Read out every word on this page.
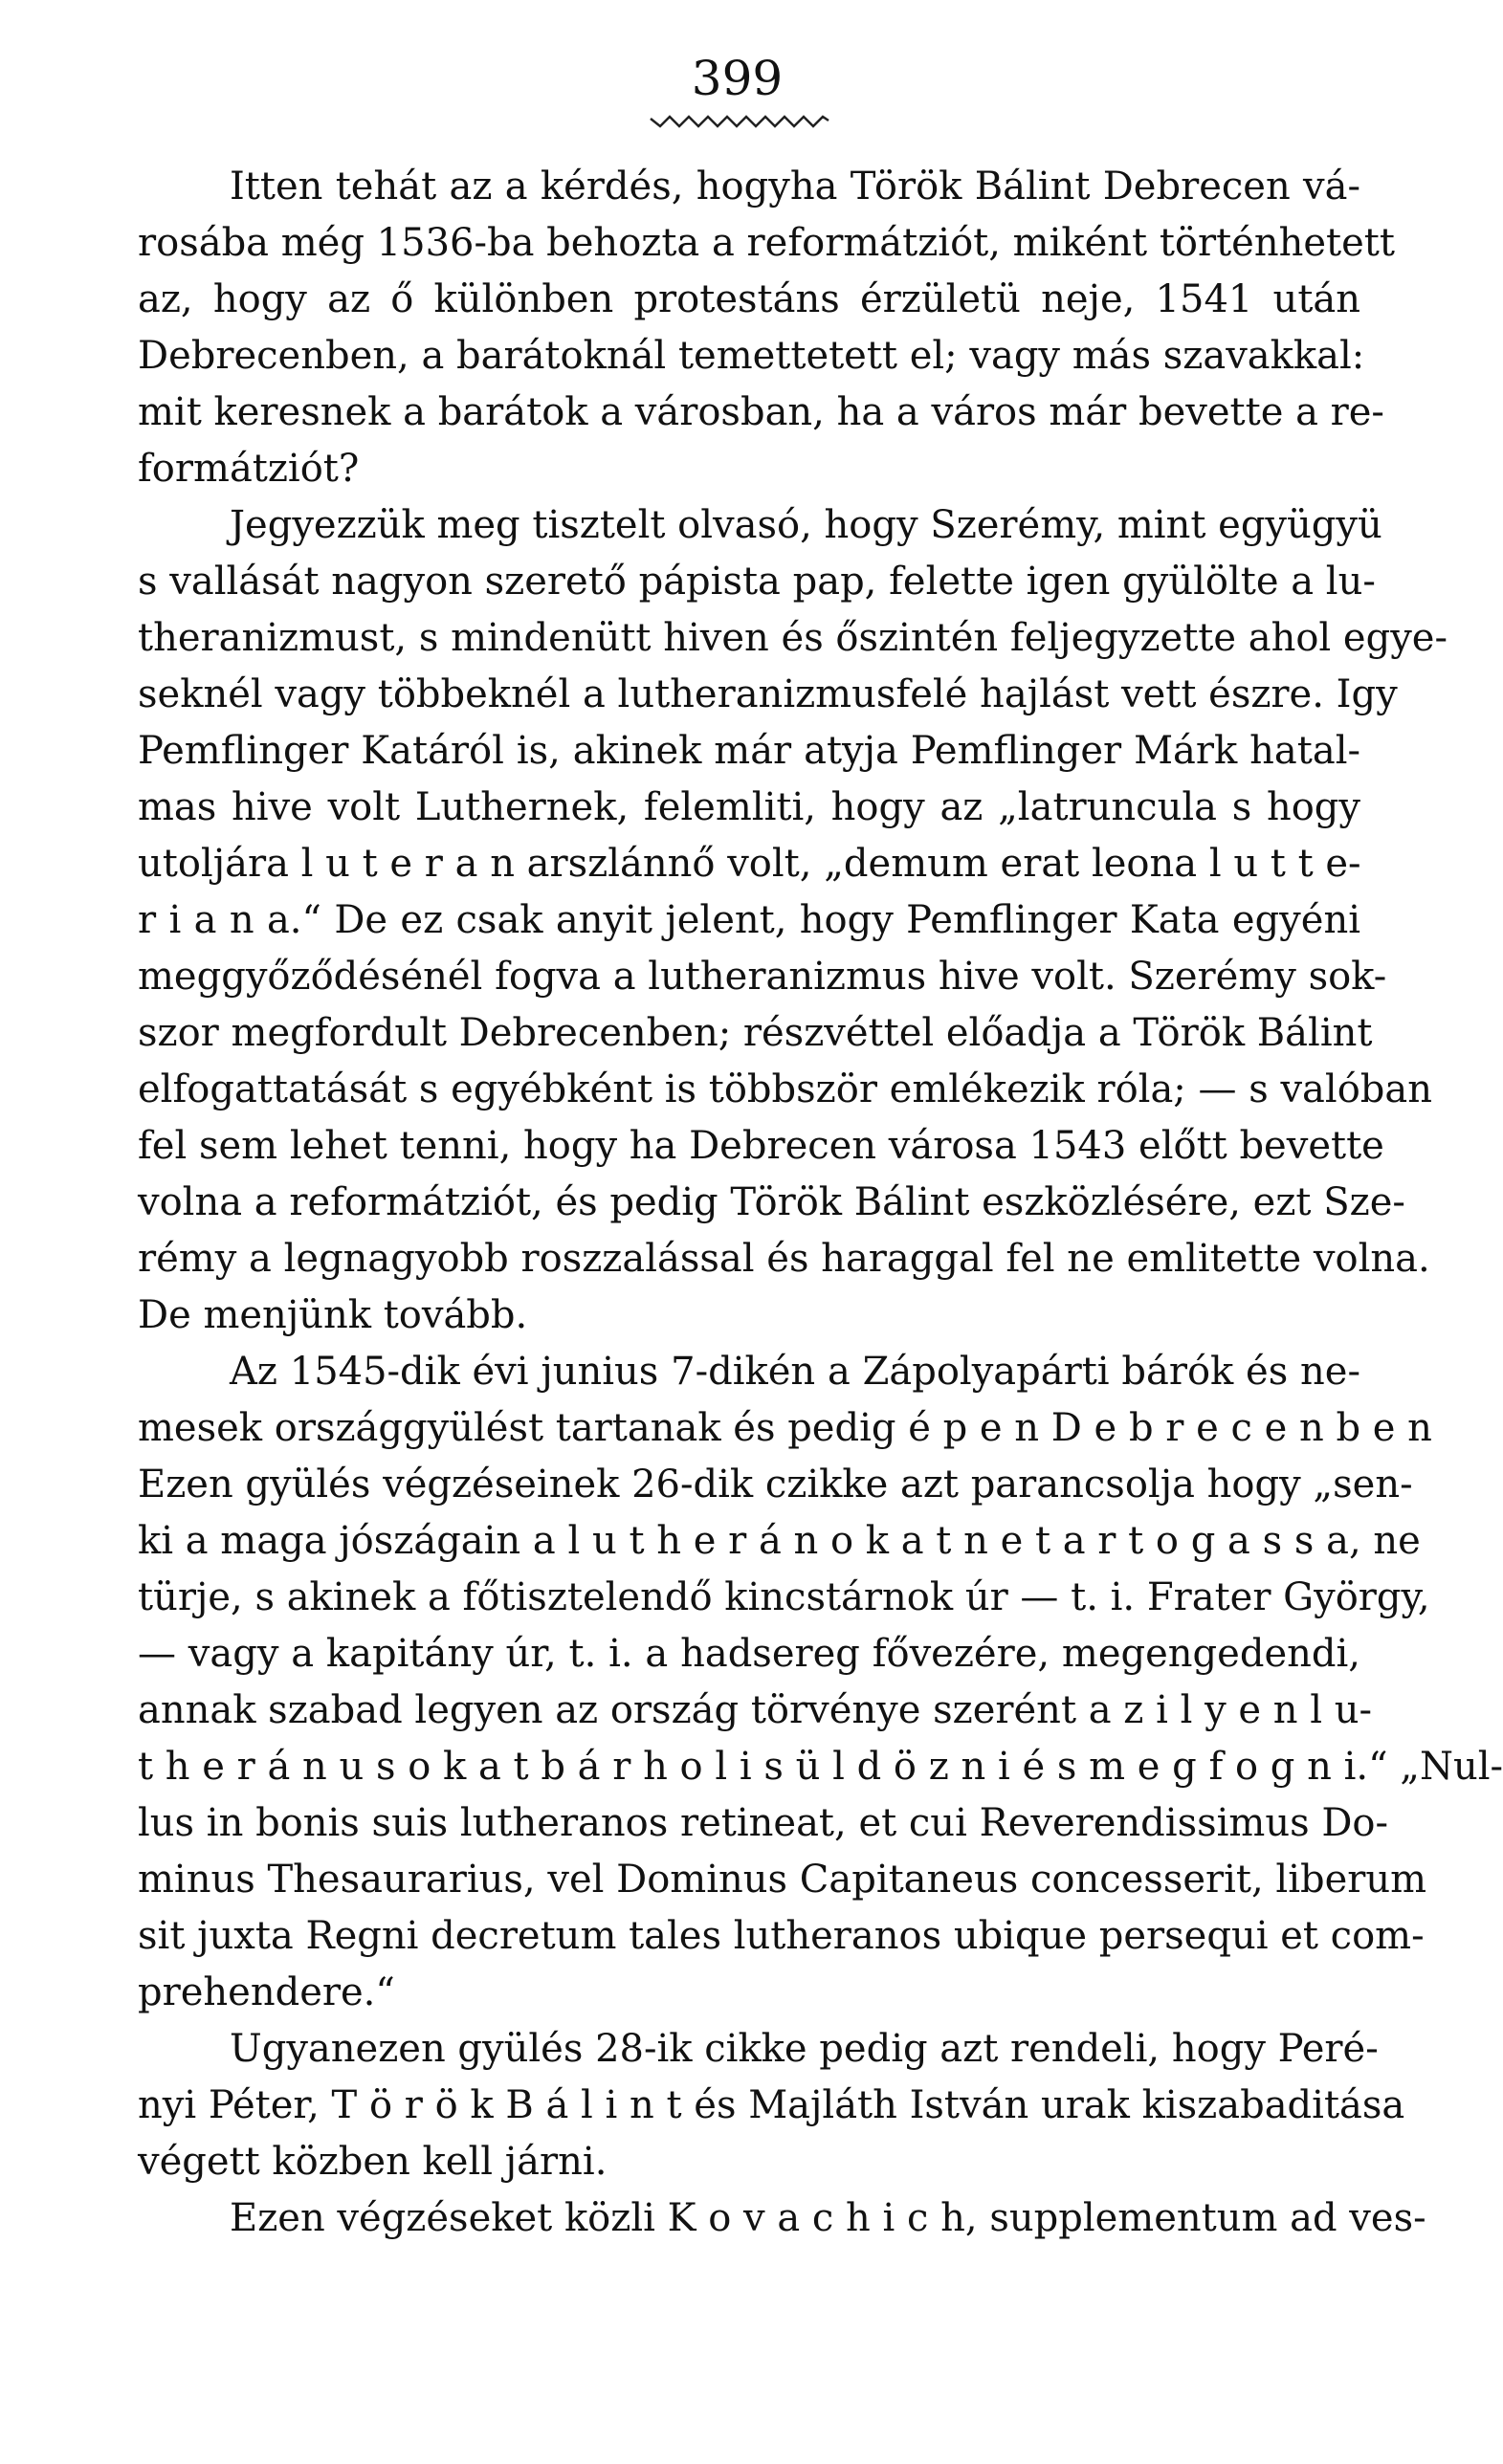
399
Itten tehát az a kérdés, hogyha Török Bálint Debrecen vá-
rosába még 1536-ba behozta a reformátziót, miként történhetett
az, hogy az ő különben protestáns érzületü neje, 1541 után
Debrecenben, a barátoknál temettetett el; vagy más szavakkal:
mit keresnek a barátok a városban, ha a város már bevette a re-
formátziót?
Jegyezzük meg tisztelt olvasó, hogy Szerémy, mint együgyü
s vallását nagyon szerető pápista pap, felette igen gyülölte a lu-
theranizmust, s mindenütt hiven és őszintén feljegyzette ahol egye-
seknél vagy többeknél a lutheranizmusfelé hajlást vett észre. Igy
Pemflinger Katáról is, akinek már atyja Pemflinger Márk hatal-
mas hive volt Luthernek, felemliti, hogy az „latruncula s hogy
utoljára l u t e r a n arszlánnő volt, „demum erat leona l u t t e-
r i a n a.“ De ez csak anyit jelent, hogy Pemflinger Kata egyéni
meggyőződésénél fogva a lutheranizmus hive volt. Szerémy sok-
szor megfordult Debrecenben; részvéttel előadja a Török Bálint
elfogattatását s egyébként is többször emlékezik róla; — s valóban
fel sem lehet tenni, hogy ha Debrecen városa 1543 előtt bevette
volna a reformátziót, és pedig Török Bálint eszközlésére, ezt Sze-
rémy a legnagyobb roszzalással és haraggal fel ne emlitette volna.
De menjünk tovább.
Az 1545-dik évi junius 7-dikén a Zápolyapárti bárók és ne-
mesek országgyülést tartanak és pedig é p e n D e b r e c e n b e n
Ezen gyülés végzéseinek 26-dik czikke azt parancsolja hogy „sen-
ki a maga jószágain a l u t h e r á n o k a t n e t a r t o g a s s a, ne
türje, s akinek a főtisztelendő kincstárnok úr — t. i. Frater György,
— vagy a kapitány úr, t. i. a hadsereg fővezére, megengedendi,
annak szabad legyen az ország törvénye szerént a z i l y e n l u-
t h e r á n u s o k a t b á r h o l i s ü l d ö z n i é s m e g f o g n i.“ „Nul-
lus in bonis suis lutheranos retineat, et cui Reverendissimus Do-
minus Thesaurarius, vel Dominus Capitaneus concesserit, liberum
sit juxta Regni decretum tales lutheranos ubique persequi et com-
prehendere.“
Ugyanezen gyülés 28-ik cikke pedig azt rendeli, hogy Peré-
nyi Péter, T ö r ö k B á l i n t és Majláth István urak kiszabaditása
végett közben kell járni.
Ezen végzéseket közli K o v a c h i c h, supplementum ad ves-
